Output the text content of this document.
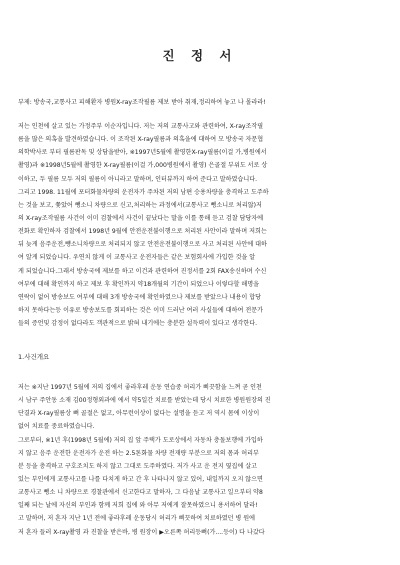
진 정 서
부제: 방송국,교통사고 피해환자 병원X-ray조작필름 제보 받아 취재,정리하여 놓고 나 몰라라!
저는 인천에 살고 있는 가정주부 이순자입니다. 저는 저의 교통사고와 관련하여, X-ray조작필
름을 많은 의혹을 발견하였습니다. 이 조작된 X-ray필름과 의혹을에 대하여 모 방송국 자문협
의학박사로 부터 필름판독 및 상담을받아, ※1997년5월에 촬영한X-ray필름(이걸 가,병원에서
촬영)과 ※1998년5월에 촬영한 X-ray필름(이걸 가,000병원에서 촬영) 은골절 부위도 서로 상
이하고, 두 필름 모두 저의 필름이 아니라고 말하며, 인터뷰까지 하여 준다고 말하였습니다.
그리고 1998. 11월에 포터화물차량의 운전자가 주차된 저의 남편 승용차량을 충격하고 도주하
는 것을 보고, 쫓았어 뺑소니 차량으로 신고,처리하는 과정에서(교통사고 뺑소니로 처리않)저
의 X-ray조작필름 사건이 이미 검찰에서 사건이 끝났다는 말을 이를 통해 듣고 검찰 담당자에
전화로 확인하자 검찰에서 1998년 9월에 안전운전불이행으로 처리된 사안이라 말하며 저희는
뒤 늦게 음주운전,뺑소니차량으로 처리되지 않고 안전운전불이행으로 사고 처리된 사안에 대하
여 알게 되었습니다. 우연치 않게 이 교통사고 운전자들은 같은 보험회사에 가입한 것을 알
게 되었습니다.그래서 방송국에 제보를 하고 이건과 관련하여 진정서를 2회 FAX송신하며 수신
여부에 대해 확인까지 하고 제보 후 확인까지 약18개월의 기간이 되었으나 이렇다할 해명을
연락이 없어 방송보도 여부에 대해 3개 방송국에 확인하였으나 제보를 받았으나 내용이 합당
하지 못하다는등 이유로 방송보도를 회피하는 것은 이미 드러난 여러 사실들에 대하여 전문가
들의 증언및 감정이 없다라도 객관적으로 밝혀 내기에는 충분한 설득력이 있다고 생각한다.
1.사건개요
저는 ※지난 1997년 5월에 저의 집에서 좋라후레 운동 연습중 허리가 삐끗함을 느껴 곧 인천
시 남구 주안동 소재 김00정형외과에 에서 약5일간 치료를 받았는데 당시 치료한 병원원장의 진
단결과 X-ray필름상 뼈 골절은 없고, 아무런이상이 없다는 설명을 듣고 저 역시 몸에 이상이
없어 치료를 중료하였습니다.
그로부터, ※1년 후(1998년 5월에) 저의 집 앞 주택가 도로상에서 자동차 충돌보행에 가입하
지 않고 음주 운전한 운전자가 운전 하는 2.5톤화물 차량 전재량 부분으로 저의 몸과 허리부
분 등을 충격하고 구호조치도 하지 않고 그대로 도주하였다. 저가 사고 운 전지 옆집에 살고
있는 부인에게 교통사고를 나를 다치게 하고 간 후 나타나지 않고 있어, 내일까지 오지 않으면
교통사고 뺑소 니 차량으로 경찰관에서 신고한다고 말하자, 그 다음날 교통사고 일으부터 약8
일째 되는 날에 자신의 부인과 함께 저희 집에 와 아무 저에게 잘못하였으니 용서하여 달라!
고 말하며, 저 혼자 지난 1년 전에 좋라후레 운동당시 허리가 삐끗하여 치료하였던 병 원에
저 혼자 들러 X-ray촬영 과 진찰을 받은바, 병 원장이 ▶오른쪽 허리등뼈(가....등이) 다 나갔다
